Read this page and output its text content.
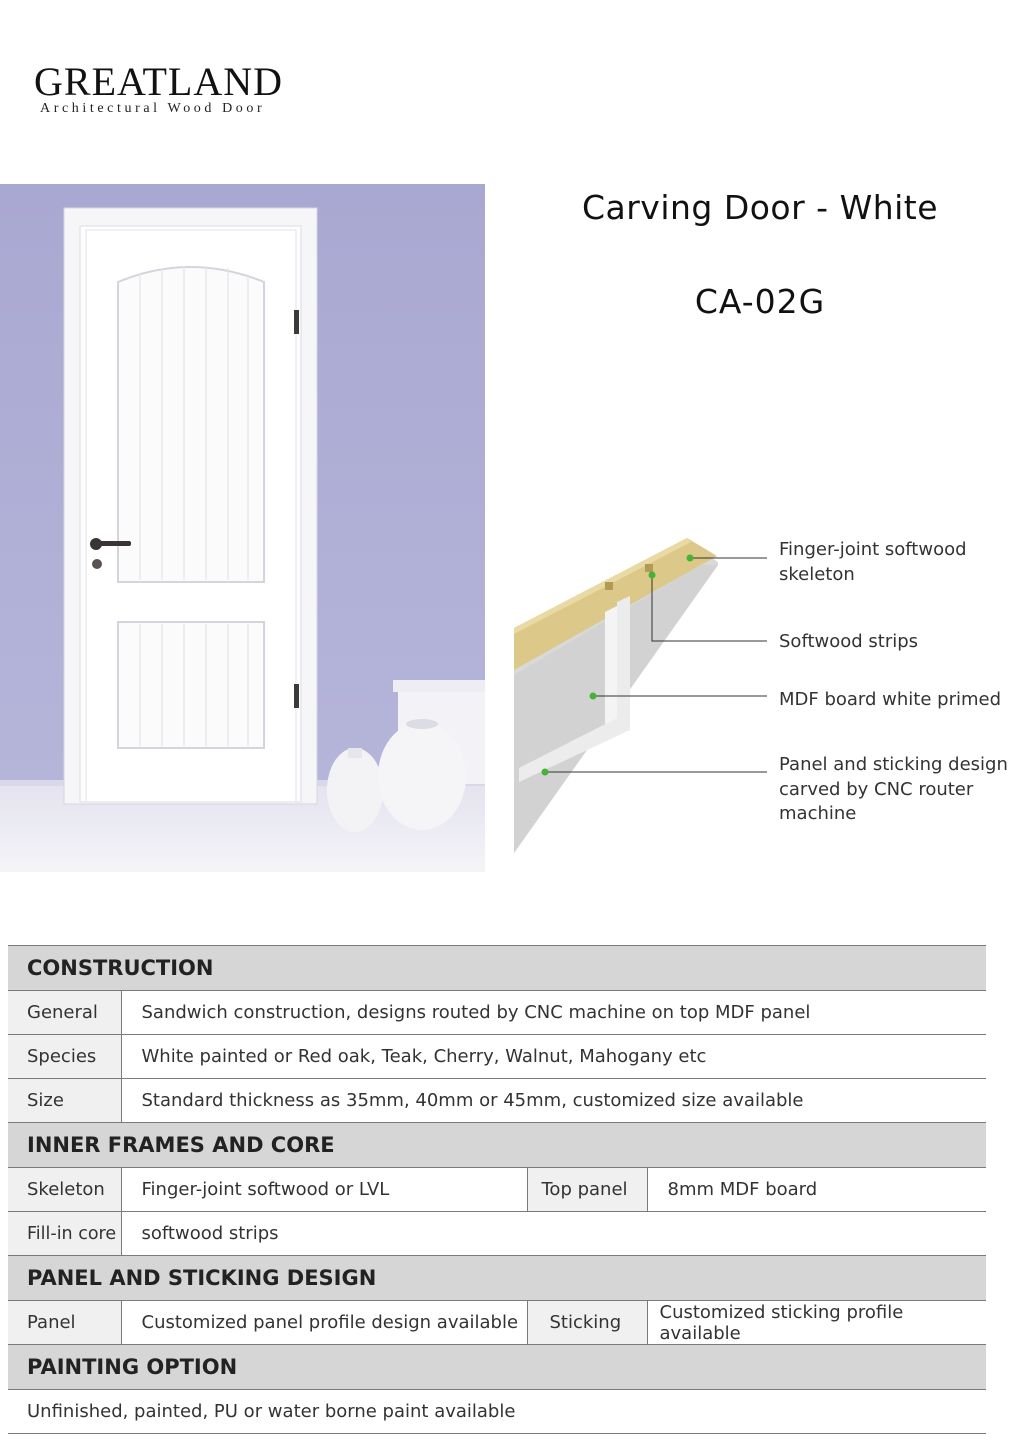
GREATLAND
Architectural Wood Door
Carving Door - White
CA-02G
Finger-joint softwood
skeleton
Softwood strips
MDF board white primed
Panel and sticking design
carved by CNC router
machine
CONSTRUCTION			
General	Sandwich construction, designs routed by CNC machine on top MDF panel		
Species	White painted or Red oak, Teak, Cherry, Walnut, Mahogany etc		
Size	Standard thickness as 35mm, 40mm or 45mm, customized size available		
INNER FRAMES AND CORE			
Skeleton	Finger-joint softwood or LVL	Top panel	8mm MDF board
Fill-in core	softwood strips		
PANEL AND STICKING DESIGN			
Panel	Customized panel profile design available	Sticking	Customized sticking profile available
PAINTING OPTION			
Unfinished, painted, PU or water borne paint available			
